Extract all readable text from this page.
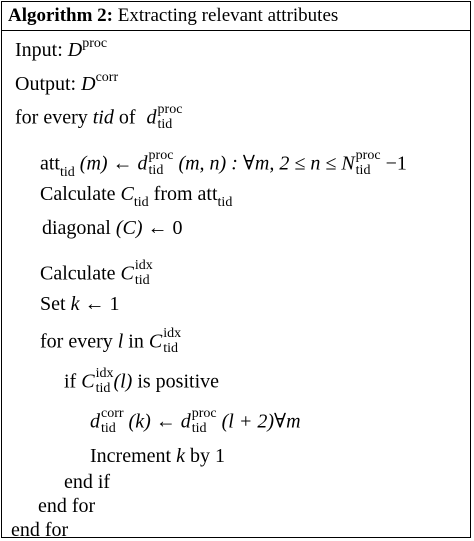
Algorithm 2: Extracting relevant attributes
Input: $D^{proc}$
Output: $D^{corr}$
for every tid of d proc
tid
att$_{tid}$ (m) ← d proc
tid (m, n) : ∀m, 2 ≤ n ≤ N proc
tid −1
Calculate $C_{tid}$ from att$_{tid}$
diagonal (C) ← 0
Calculate C idx
tid
Set k ← 1
for every l in C idx
tid
if C idx
tid (l) is positive
d corr
tid (k) ← d proc
tid (l + 2)∀m
Increment k by 1
end if
end for
end for
